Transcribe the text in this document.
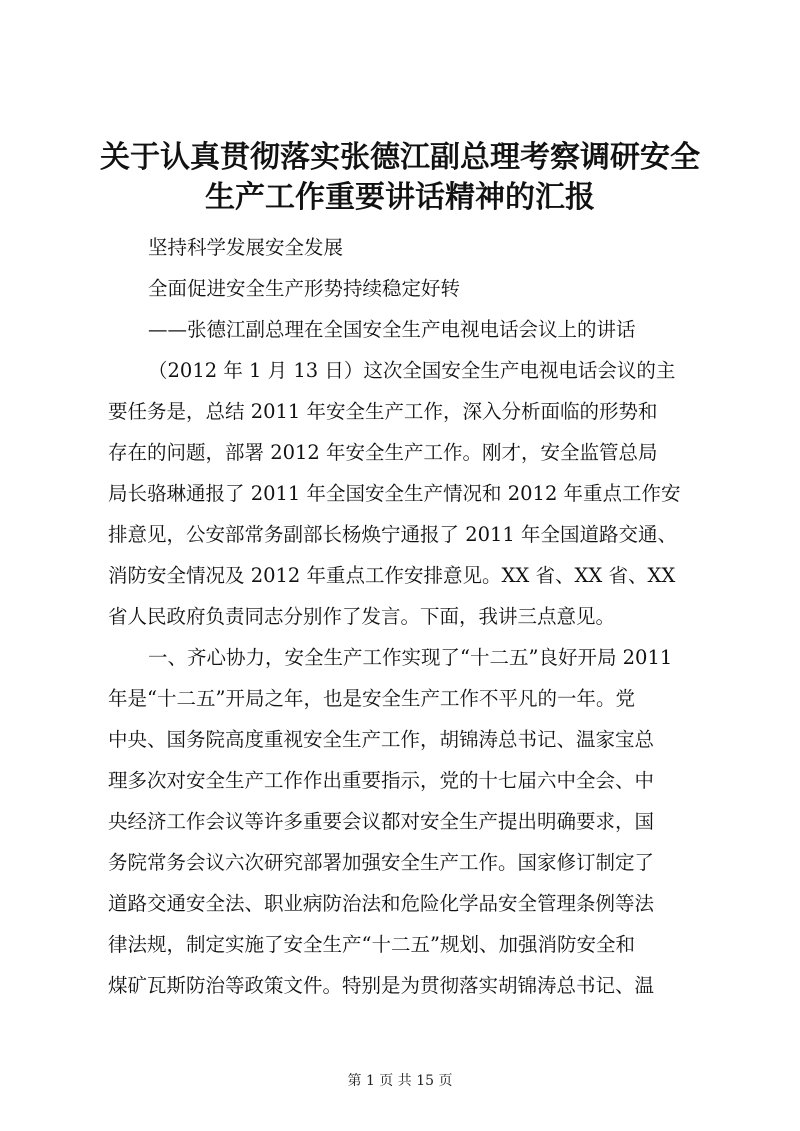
关于认真贯彻落实张德江副总理考察调研安全
生产工作重要讲话精神的汇报
坚持科学发展安全发展
全面促进安全生产形势持续稳定好转
——张德江副总理在全国安全生产电视电话会议上的讲话
（2012 年 1 月 13 日）这次全国安全生产电视电话会议的主
要任务是，总结 2011 年安全生产工作，深入分析面临的形势和
存在的问题，部署 2012 年安全生产工作。刚才，安全监管总局
局长骆琳通报了 2011 年全国安全生产情况和 2012 年重点工作安
排意见，公安部常务副部长杨焕宁通报了 2011 年全国道路交通、
消防安全情况及 2012 年重点工作安排意见。XX 省、XX 省、XX
省人民政府负责同志分别作了发言。下面，我讲三点意见。
一、齐心协力，安全生产工作实现了“十二五”良好开局 2011
年是“十二五”开局之年，也是安全生产工作不平凡的一年。党
中央、国务院高度重视安全生产工作，胡锦涛总书记、温家宝总
理多次对安全生产工作作出重要指示，党的十七届六中全会、中
央经济工作会议等许多重要会议都对安全生产提出明确要求，国
务院常务会议六次研究部署加强安全生产工作。国家修订制定了
道路交通安全法、职业病防治法和危险化学品安全管理条例等法
律法规，制定实施了安全生产“十二五”规划、加强消防安全和
煤矿瓦斯防治等政策文件。特别是为贯彻落实胡锦涛总书记、温
第 1 页 共 15 页
